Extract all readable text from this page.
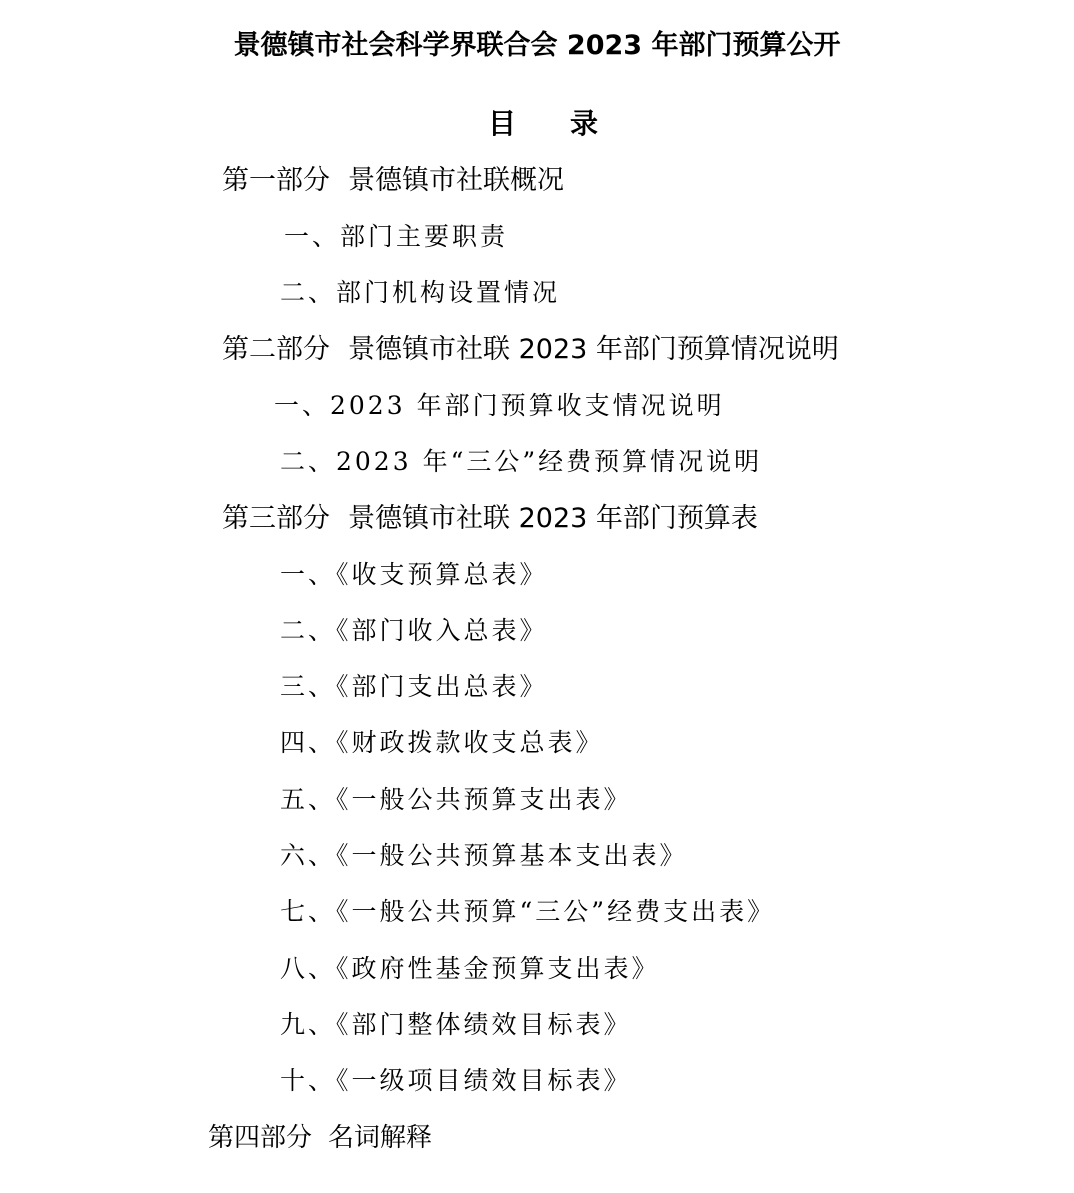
景德镇市社会科学界联合会 2023 年部门预算公开
目录
第一部分 景德镇市社联概况
一、部门主要职责
二、部门机构设置情况
第二部分 景德镇市社联 2023 年部门预算情况说明
一、2023 年部门预算收支情况说明
二、2023 年“三公”经费预算情况说明
第三部分 景德镇市社联 2023 年部门预算表
一、《收支预算总表》
二、《部门收入总表》
三、《部门支出总表》
四、《财政拨款收支总表》
五、《一般公共预算支出表》
六、《一般公共预算基本支出表》
七、《一般公共预算“三公”经费支出表》
八、《政府性基金预算支出表》
九、《部门整体绩效目标表》
十、《一级项目绩效目标表》
第四部分 名词解释
